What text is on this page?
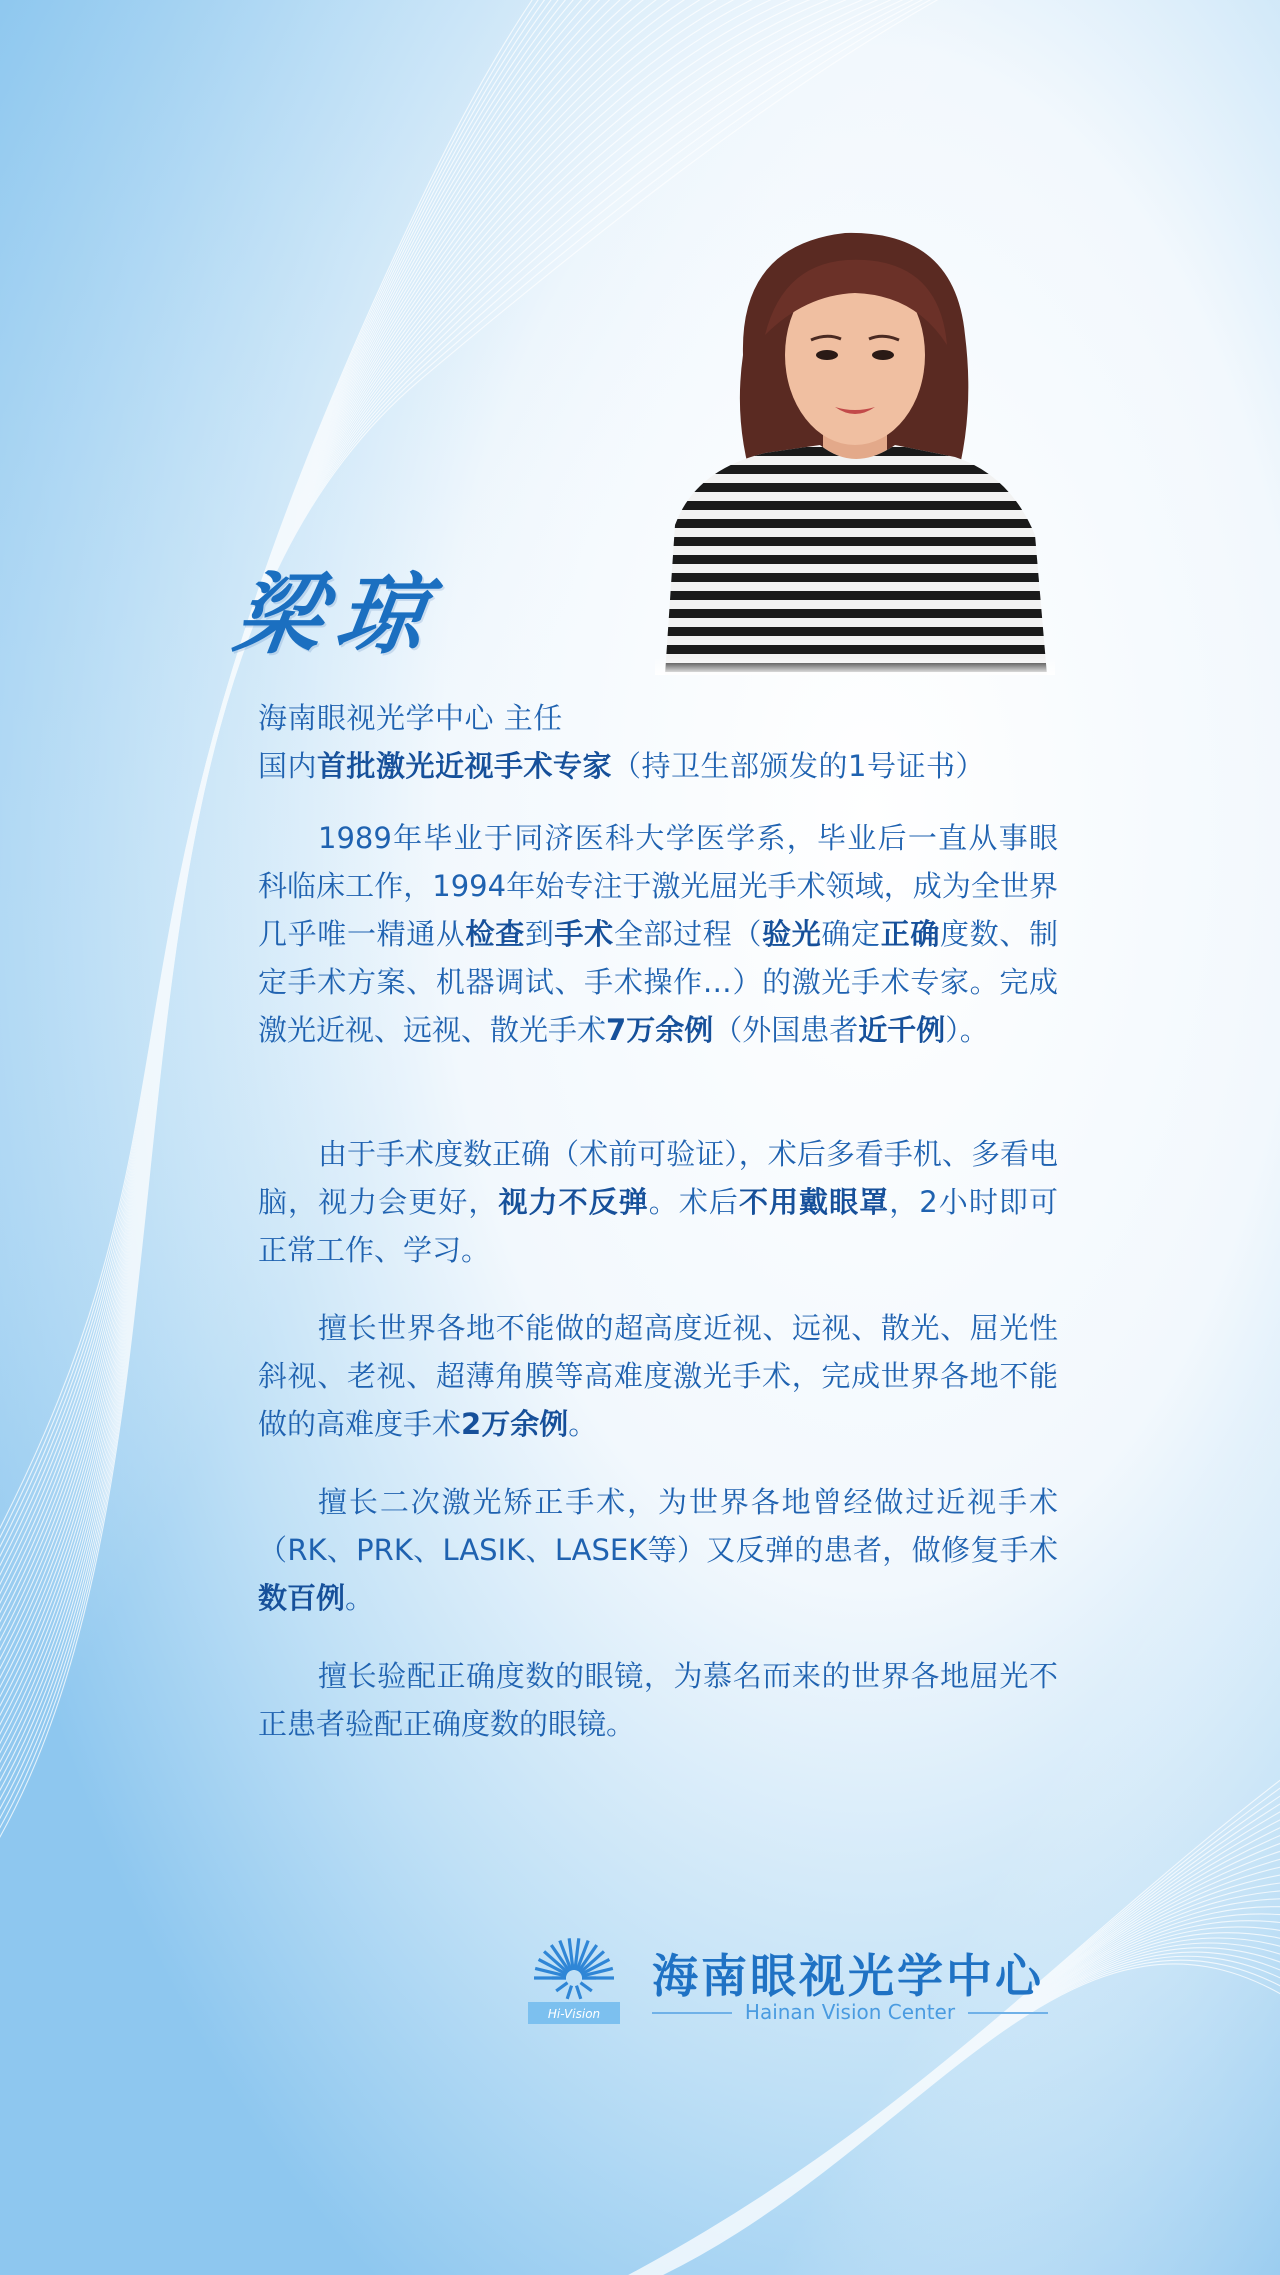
梁琼

海南眼视光学中心 主任

国内首批激光近视手术专家（持卫生部颁发的1号证书）

1989年毕业于同济医科大学医学系，毕业后一直从事眼科临床工作，1994年始专注于激光屈光手术领域，成为全世界几乎唯一精通从检查到手术全部过程（验光确定正确度数、制定手术方案、机器调试、手术操作…）的激光手术专家。完成激光近视、远视、散光手术7万余例（外国患者近千例）。

由于手术度数正确（术前可验证），术后多看手机、多看电脑，视力会更好，视力不反弹。术后不用戴眼罩，2小时即可正常工作、学习。

擅长世界各地不能做的超高度近视、远视、散光、屈光性斜视、老视、超薄角膜等高难度激光手术，完成世界各地不能做的高难度手术2万余例。

擅长二次激光矫正手术，为世界各地曾经做过近视手术（RK、PRK、LASIK、LASEK等）又反弹的患者，做修复手术数百例。

擅长验配正确度数的眼镜，为慕名而来的世界各地屈光不正患者验配正确度数的眼镜。

Hi-Vision
海南眼视光学中心
Hainan Vision Center
